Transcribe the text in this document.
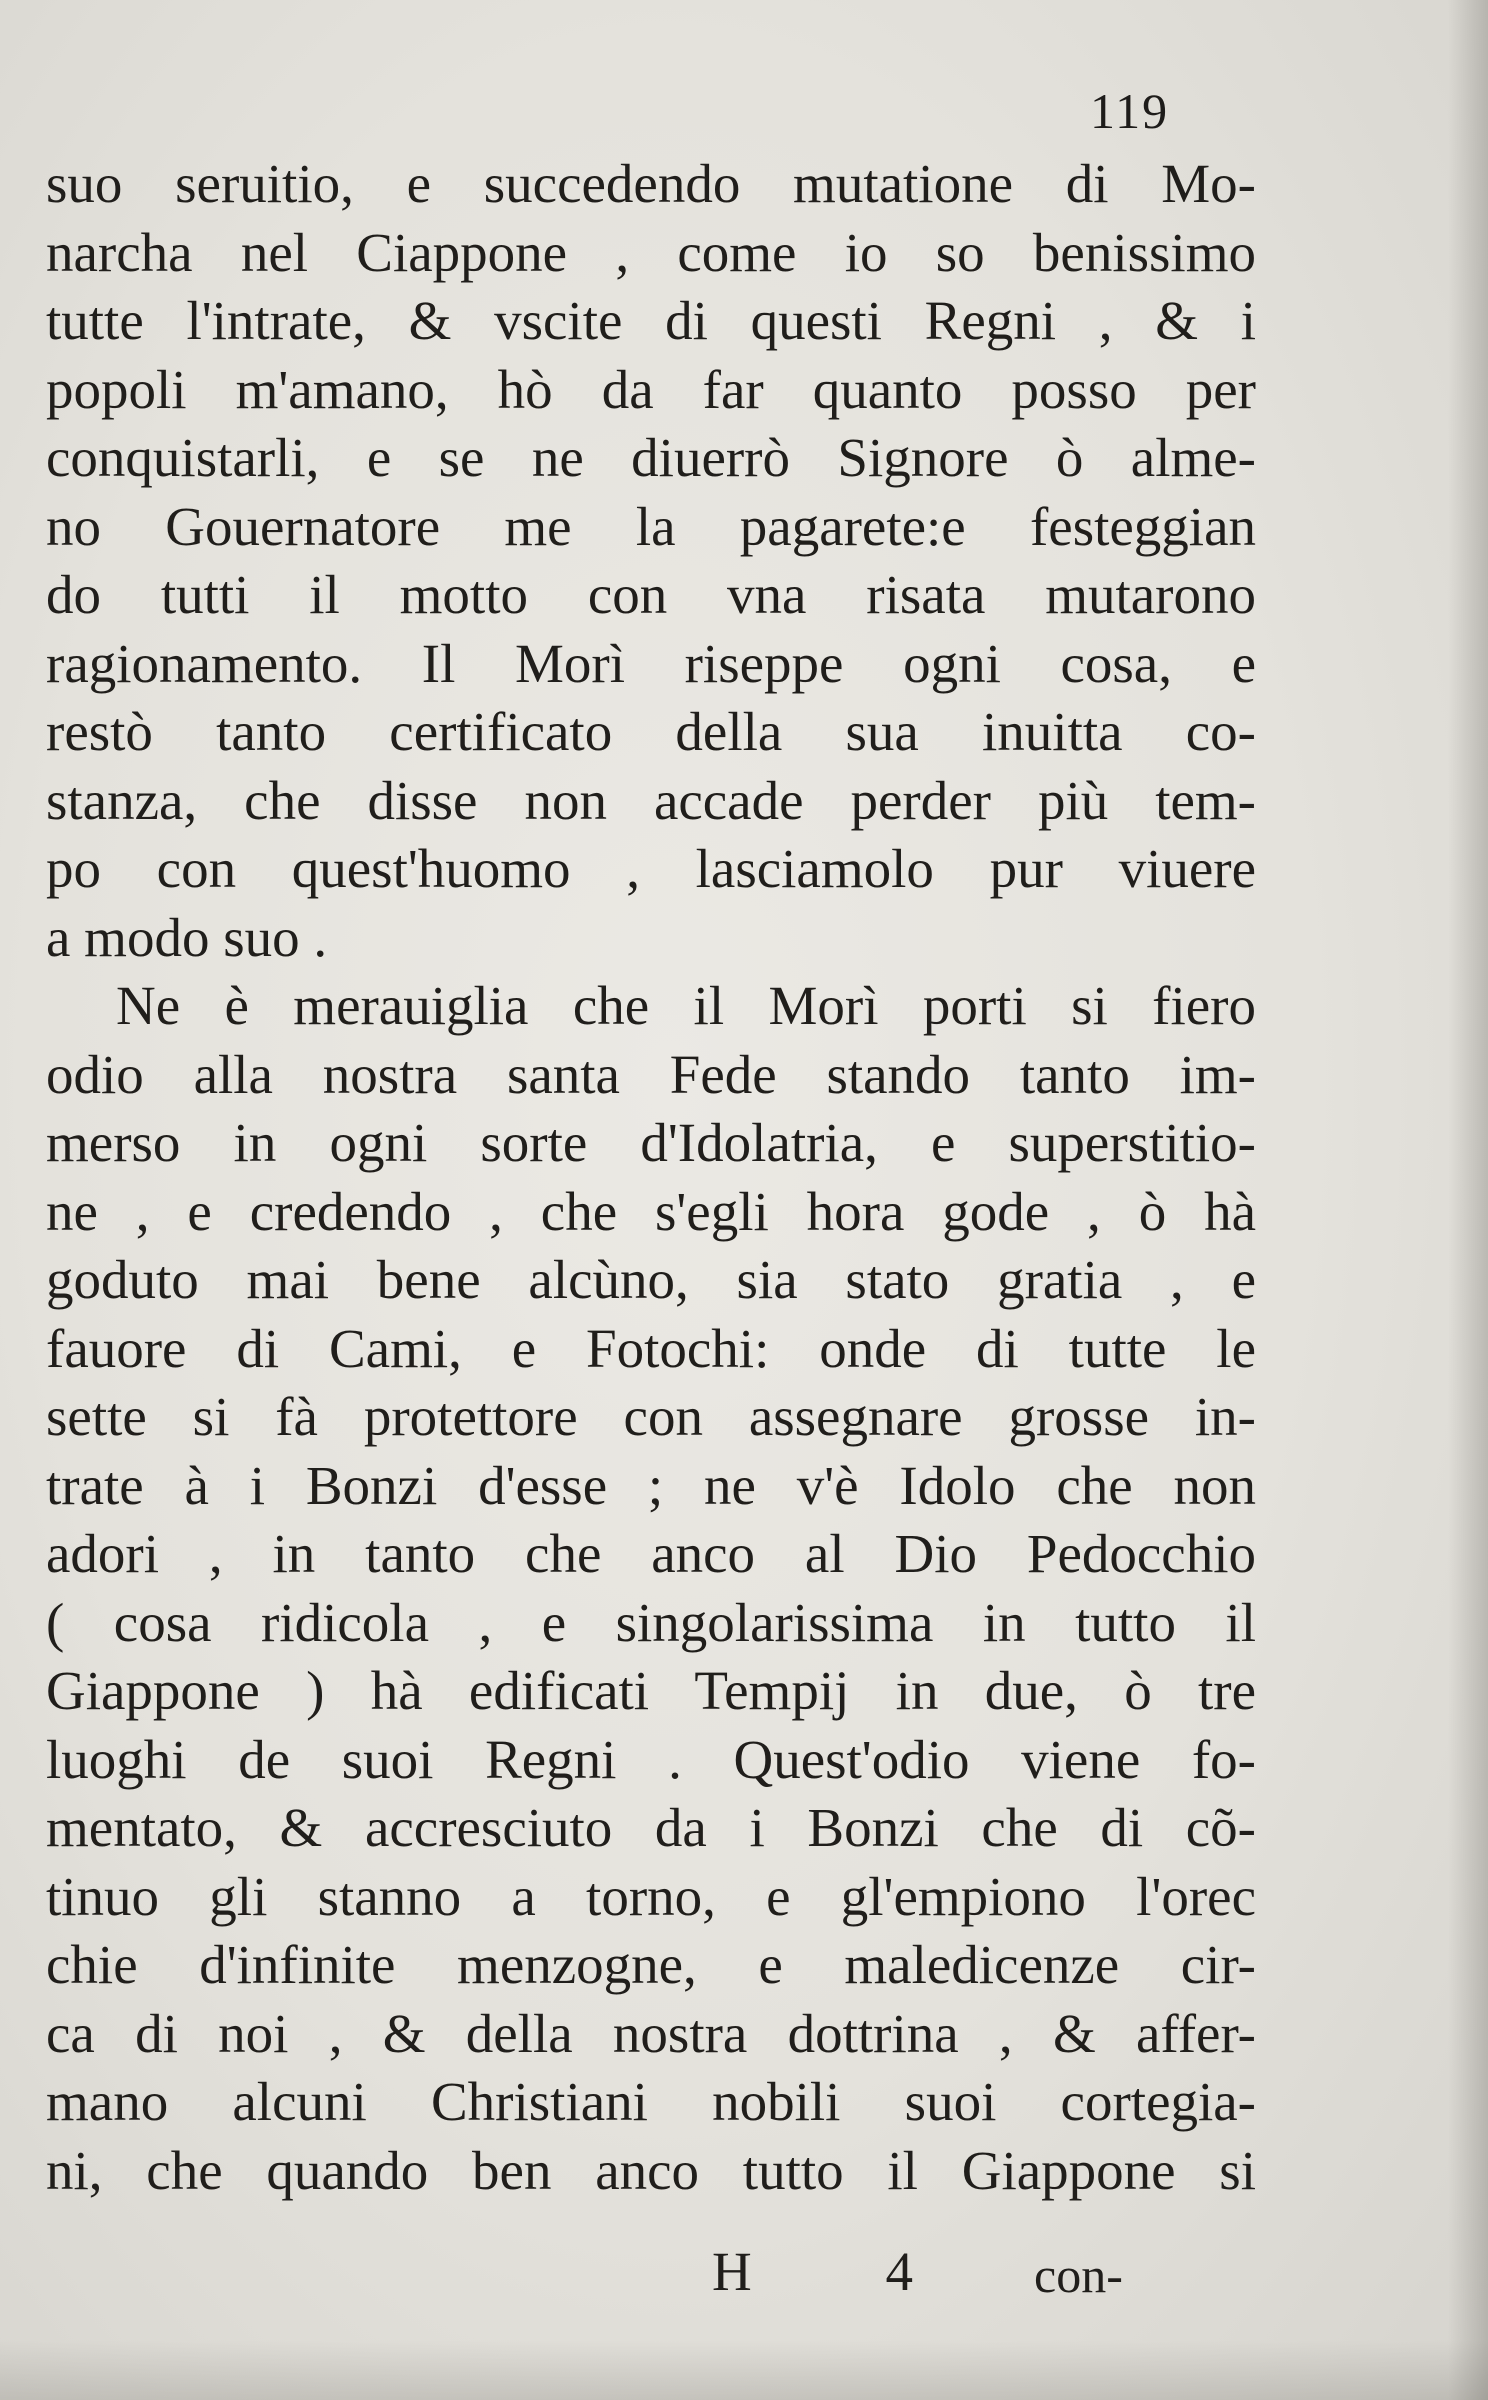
119
suo seruitio, e succedendo mutatione di Mo-
narcha nel Ciappone , come io so benissimo
tutte l'intrate, & vscite di questi Regni , & i
popoli m'amano, hò da far quanto posso per
conquistarli, e se ne diuerrò Signore ò alme-
no Gouernatore me la pagarete:e festeggian
do tutti il motto con vna risata mutarono
ragionamento. Il Morì riseppe ogni cosa, e
restò tanto certificato della sua inuitta co-
stanza, che disse non accade perder più tem-
po con quest'huomo , lasciamolo pur viuere
a modo suo .
Ne è merauiglia che il Morì porti si fiero
odio alla nostra santa Fede stando tanto im-
merso in ogni sorte d'Idolatria, e superstitio-
ne , e credendo , che s'egli hora gode , ò hà
goduto mai bene alcùno, sia stato gratia , e
fauore di Cami, e Fotochi: onde di tutte le
sette si fà protettore con assegnare grosse in-
trate à i Bonzi d'esse ; ne v'è Idolo che non
adori , in tanto che anco al Dio Pedocchio
( cosa ridicola , e singolarissima in tutto il
Giappone ) hà edificati Tempij in due, ò tre
luoghi de suoi Regni . Quest'odio viene fo-
mentato, & accresciuto da i Bonzi che di cõ-
tinuo gli stanno a torno, e gl'empiono l'orec
chie d'infinite menzogne, e maledicenze cir-
ca di noi , & della nostra dottrina , & affer-
mano alcuni Christiani nobili suoi cortegia-
ni, che quando ben anco tutto il Giappone si
H 4 con-
